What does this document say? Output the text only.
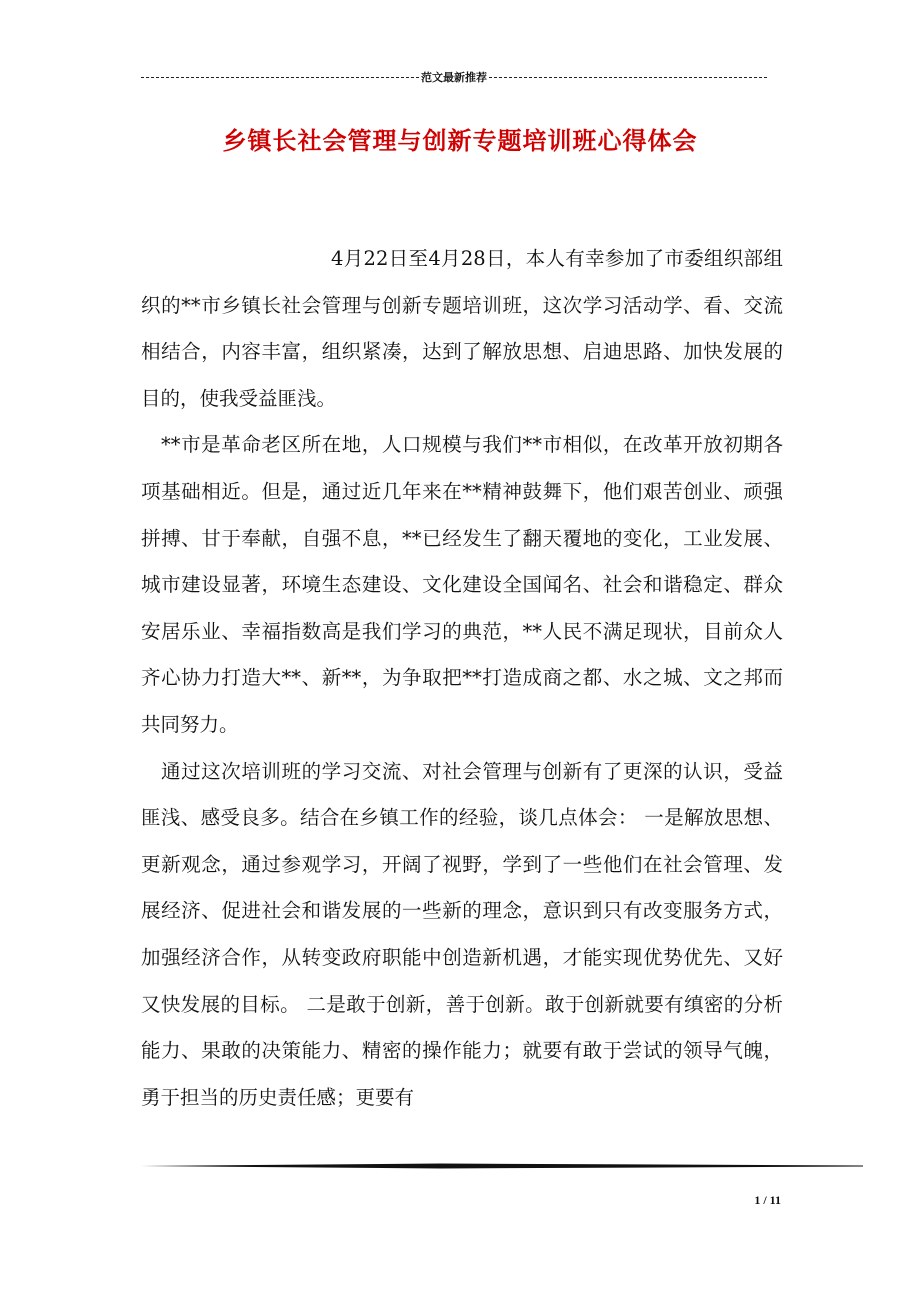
范文最新推荐
乡镇长社会管理与创新专题培训班心得体会

4月22日至4月28日，本人有幸参加了市委组织部组织的**市乡镇长社会管理与创新专题培训班，这次学习活动学、看、交流相结合，内容丰富，组织紧凑，达到了解放思想、启迪思路、加快发展的目的，使我受益匪浅。

**市是革命老区所在地，人口规模与我们**市相似，在改革开放初期各项基础相近。但是，通过近几年来在**精神鼓舞下，他们艰苦创业、顽强拼搏、甘于奉献，自强不息，**已经发生了翻天覆地的变化，工业发展、城市建设显著，环境生态建设、文化建设全国闻名、社会和谐稳定、群众安居乐业、幸福指数高是我们学习的典范，**人民不满足现状，目前众人齐心协力打造大**、新**，为争取把**打造成商之都、水之城、文之邦而共同努力。

通过这次培训班的学习交流、对社会管理与创新有了更深的认识，受益匪浅、感受良多。结合在乡镇工作的经验，谈几点体会： 一是解放思想、更新观念，通过参观学习，开阔了视野，学到了一些他们在社会管理、发展经济、促进社会和谐发展的一些新的理念，意识到只有改变服务方式，加强经济合作，从转变政府职能中创造新机遇，才能实现优势优先、又好又快发展的目标。 二是敢于创新，善于创新。敢于创新就要有缜密的分析能力、果敢的决策能力、精密的操作能力；就要有敢于尝试的领导气魄，勇于担当的历史责任感；更要有

1 / 11
